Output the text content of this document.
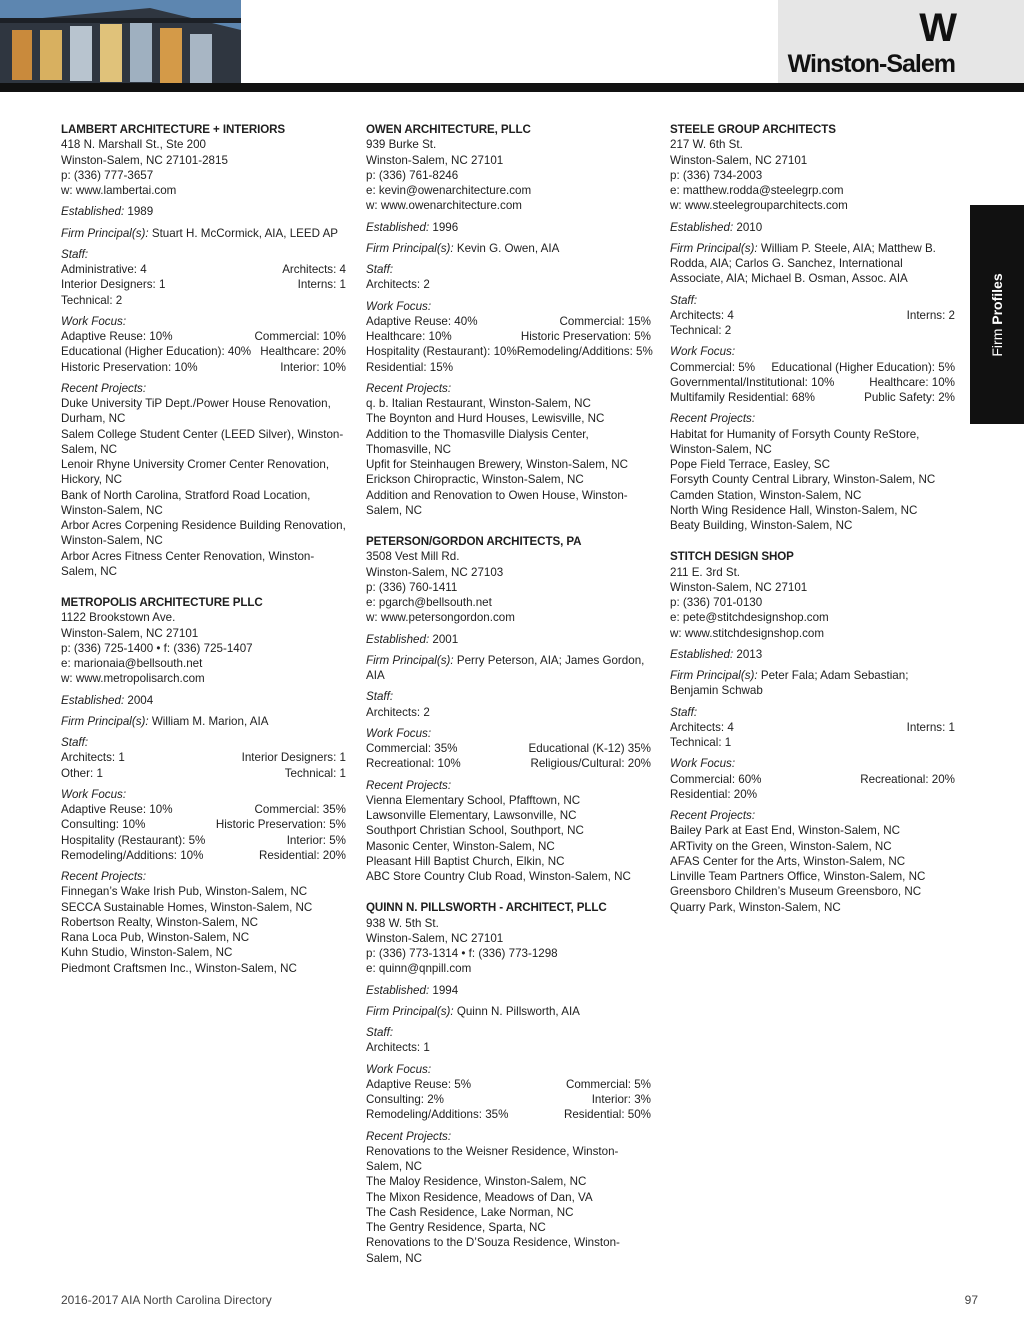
W
Winston-Salem
Firm Profiles
LAMBERT ARCHITECTURE + INTERIORS
418 N. Marshall St., Ste 200
Winston-Salem, NC 27101-2815
p: (336) 777-3657
w: www.lambertai.com
Established: 1989
Firm Principal(s): Stuart H. McCormick, AIA, LEED AP
Staff:
Administrative: 4	Architects: 4
Interior Designers: 1	Interns: 1
Technical: 2
Work Focus:
Adaptive Reuse: 10%	Commercial: 10%
Educational (Higher Education): 40% Healthcare: 20%
Historic Preservation: 10%	Interior: 10%
Recent Projects:
Duke University TiP Dept./Power House Renovation, Durham, NC
Salem College Student Center (LEED Silver), Winston-Salem, NC
Lenoir Rhyne University Cromer Center Renovation, Hickory, NC
Bank of North Carolina, Stratford Road Location, Winston-Salem, NC
Arbor Acres Corpening Residence Building Renovation, Winston-Salem, NC
Arbor Acres Fitness Center Renovation, Winston-Salem, NC
METROPOLIS ARCHITECTURE PLLC
1122 Brookstown Ave.
Winston-Salem, NC 27101
p: (336) 725-1400 • f: (336) 725-1407
e: marionaia@bellsouth.net
w: www.metropolisarch.com
Established: 2004
Firm Principal(s): William M. Marion, AIA
Staff:
Architects: 1	Interior Designers: 1
Other: 1	Technical: 1
Work Focus:
Adaptive Reuse: 10%	Commercial: 35%
Consulting: 10%	Historic Preservation: 5%
Hospitality (Restaurant): 5%	Interior: 5%
Remodeling/Additions: 10%	Residential: 20%
Recent Projects:
Finnegan’s Wake Irish Pub, Winston-Salem, NC
SECCA Sustainable Homes, Winston-Salem, NC
Robertson Realty, Winston-Salem, NC
Rana Loca Pub, Winston-Salem, NC
Kuhn Studio, Winston-Salem, NC
Piedmont Craftsmen Inc., Winston-Salem, NC
OWEN ARCHITECTURE, PLLC
939 Burke St.
Winston-Salem, NC 27101
p: (336) 761-8246
e: kevin@owenarchitecture.com
w: www.owenarchitecture.com
Established: 1996
Firm Principal(s): Kevin G. Owen, AIA
Staff:
Architects: 2
Work Focus:
Adaptive Reuse: 40%	Commercial: 15%
Healthcare: 10%	Historic Preservation: 5%
Hospitality (Restaurant): 10% Remodeling/Additions: 5%
Residential: 15%
Recent Projects:
q. b. Italian Restaurant, Winston-Salem, NC
The Boynton and Hurd Houses, Lewisville, NC
Addition to the Thomasville Dialysis Center, Thomasville, NC
Upfit for Steinhaugen Brewery, Winston-Salem, NC
Erickson Chiropractic, Winston-Salem, NC
Addition and Renovation to Owen House, Winston-Salem, NC
PETERSON/GORDON ARCHITECTS, PA
3508 Vest Mill Rd.
Winston-Salem, NC 27103
p: (336) 760-1411
e: pgarch@bellsouth.net
w: www.petersongordon.com
Established: 2001
Firm Principal(s): Perry Peterson, AIA; James Gordon, AIA
Staff:
Architects: 2
Work Focus:
Commercial: 35%	Educational (K-12) 35%
Recreational: 10%	Religious/Cultural: 20%
Recent Projects:
Vienna Elementary School, Pfafftown, NC
Lawsonville Elementary, Lawsonville, NC
Southport Christian School, Southport, NC
Masonic Center, Winston-Salem, NC
Pleasant Hill Baptist Church, Elkin, NC
ABC Store Country Club Road, Winston-Salem, NC
QUINN N. PILLSWORTH - ARCHITECT, PLLC
938 W. 5th St.
Winston-Salem, NC 27101
p: (336) 773-1314 • f: (336) 773-1298
e: quinn@qnpill.com
Established: 1994
Firm Principal(s): Quinn N. Pillsworth, AIA
Staff:
Architects: 1
Work Focus:
Adaptive Reuse: 5%	Commercial: 5%
Consulting: 2%	Interior: 3%
Remodeling/Additions: 35%	Residential: 50%
Recent Projects:
Renovations to the Weisner Residence, Winston-Salem, NC
The Maloy Residence, Winston-Salem, NC
The Mixon Residence, Meadows of Dan, VA
The Cash Residence, Lake Norman, NC
The Gentry Residence, Sparta, NC
Renovations to the D’Souza Residence, Winston-Salem, NC
STEELE GROUP ARCHITECTS
217 W. 6th St.
Winston-Salem, NC 27101
p: (336) 734-2003
e: matthew.rodda@steelegrp.com
w: www.steelegrouparchitects.com
Established: 2010
Firm Principal(s): William P. Steele, AIA; Matthew B. Rodda, AIA; Carlos G. Sanchez, International Associate, AIA; Michael B. Osman, Assoc. AIA
Staff:
Architects: 4	Interns: 2
Technical: 2
Work Focus:
Commercial: 5% Educational (Higher Education): 5%
Governmental/Institutional: 10%	Healthcare: 10%
Multifamily Residential: 68%	Public Safety: 2%
Recent Projects:
Habitat for Humanity of Forsyth County ReStore, Winston-Salem, NC
Pope Field Terrace, Easley, SC
Forsyth County Central Library, Winston-Salem, NC
Camden Station, Winston-Salem, NC
North Wing Residence Hall, Winston-Salem, NC
Beaty Building, Winston-Salem, NC
STITCH DESIGN SHOP
211 E. 3rd St.
Winston-Salem, NC 27101
p: (336) 701-0130
e: pete@stitchdesignshop.com
w: www.stitchdesignshop.com
Established: 2013
Firm Principal(s): Peter Fala; Adam Sebastian; Benjamin Schwab
Staff:
Architects: 4	Interns: 1
Technical: 1
Work Focus:
Commercial: 60%	Recreational: 20%
Residential: 20%
Recent Projects:
Bailey Park at East End, Winston-Salem, NC
ARTivity on the Green, Winston-Salem, NC
AFAS Center for the Arts, Winston-Salem, NC
Linville Team Partners Office, Winston-Salem, NC
Greensboro Children’s Museum Greensboro, NC
Quarry Park, Winston-Salem, NC
2016-2017 AIA North Carolina Directory	97
